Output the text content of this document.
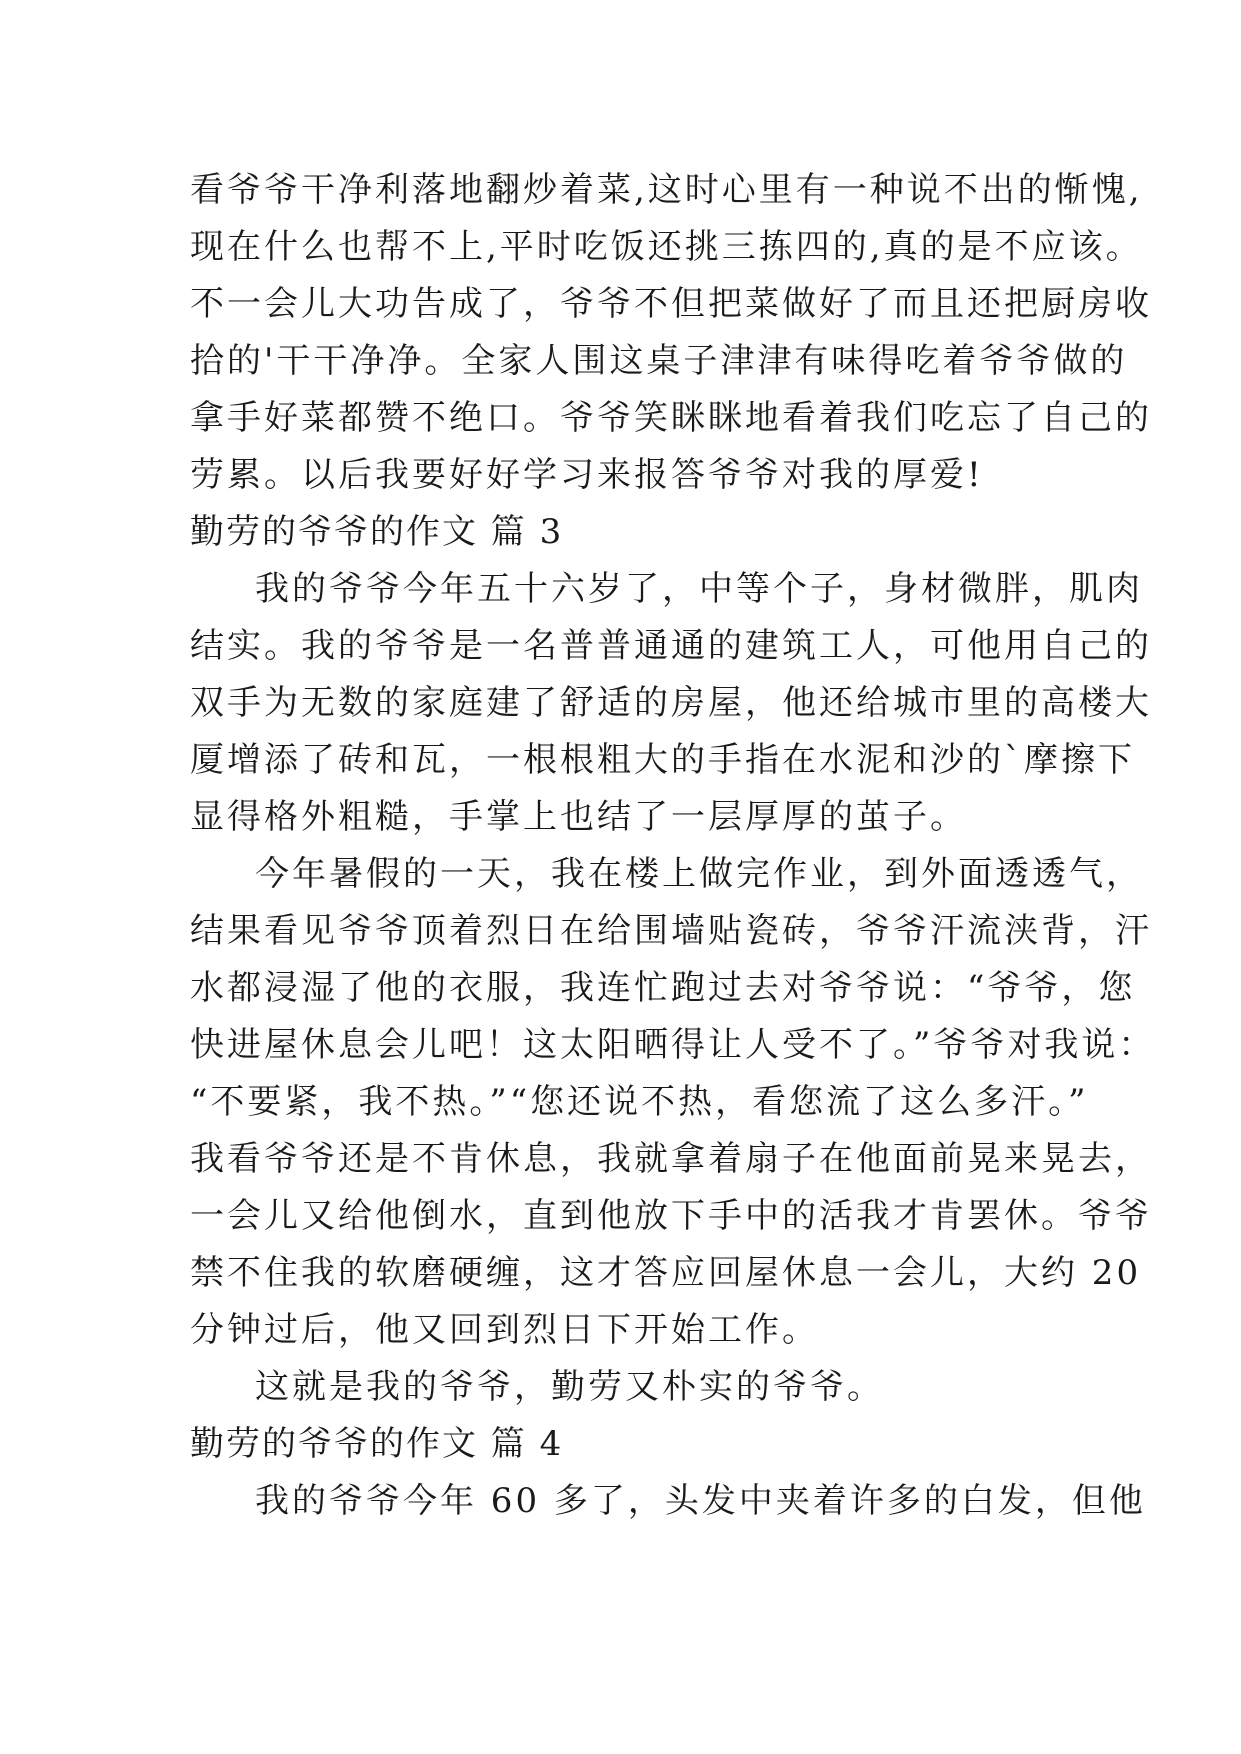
看爷爷干净利落地翻炒着菜,这时心里有一种说不出的惭愧,
现在什么也帮不上,平时吃饭还挑三拣四的,真的是不应该。
不一会儿大功告成了，爷爷不但把菜做好了而且还把厨房收
拾的'干干净净。全家人围这桌子津津有味得吃着爷爷做的
拿手好菜都赞不绝口。爷爷笑眯眯地看着我们吃忘了自己的
劳累。以后我要好好学习来报答爷爷对我的厚爱!
勤劳的爷爷的作文 篇 3
我的爷爷今年五十六岁了，中等个子，身材微胖，肌肉
结实。我的爷爷是一名普普通通的建筑工人，可他用自己的
双手为无数的家庭建了舒适的房屋，他还给城市里的高楼大
厦增添了砖和瓦，一根根粗大的手指在水泥和沙的`摩擦下
显得格外粗糙，手掌上也结了一层厚厚的茧子。
今年暑假的一天，我在楼上做完作业，到外面透透气，
结果看见爷爷顶着烈日在给围墙贴瓷砖，爷爷汗流浃背，汗
水都浸湿了他的衣服，我连忙跑过去对爷爷说：“爷爷，您
快进屋休息会儿吧！这太阳晒得让人受不了。”爷爷对我说：
“不要紧，我不热。”“您还说不热，看您流了这么多汗。”
我看爷爷还是不肯休息，我就拿着扇子在他面前晃来晃去，
一会儿又给他倒水，直到他放下手中的活我才肯罢休。爷爷
禁不住我的软磨硬缠，这才答应回屋休息一会儿，大约 20
分钟过后，他又回到烈日下开始工作。
这就是我的爷爷，勤劳又朴实的爷爷。
勤劳的爷爷的作文 篇 4
我的爷爷今年 60 多了，头发中夹着许多的白发，但他
